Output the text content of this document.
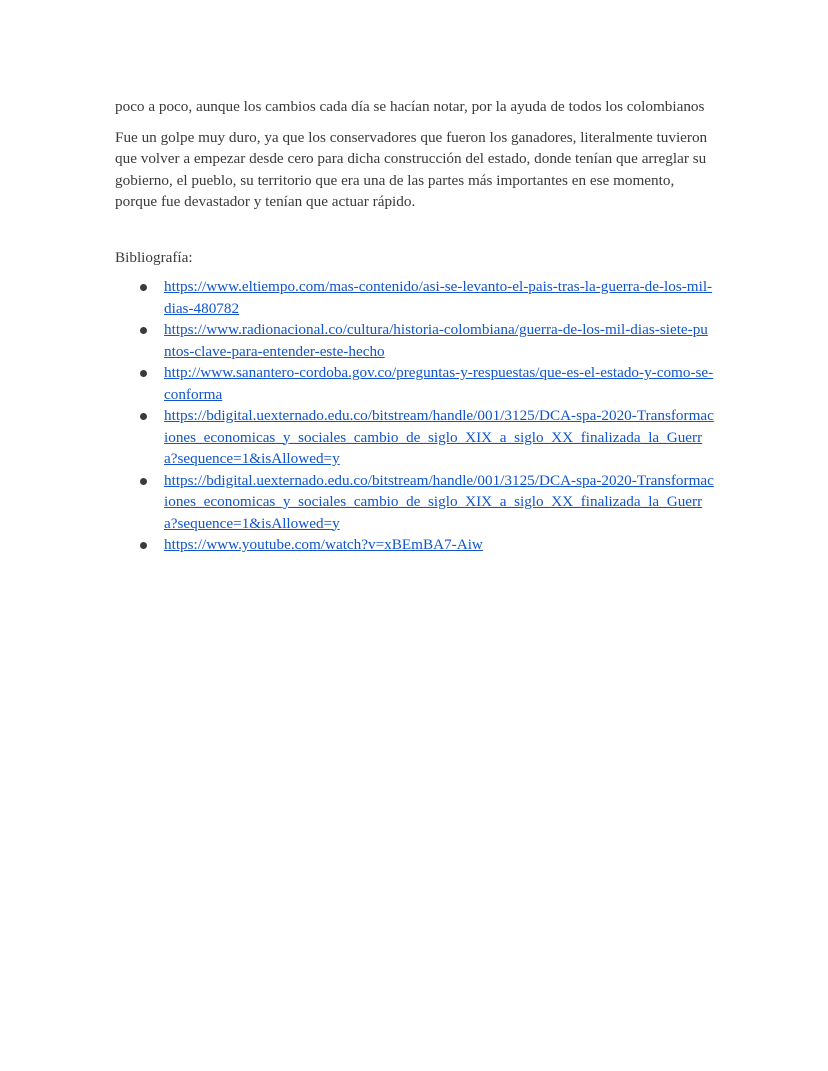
poco a poco, aunque los cambios cada día se hacían notar, por la ayuda de todos los colombianos

Fue un golpe muy duro, ya que los conservadores que fueron los ganadores, literalmente tuvieron que volver a empezar desde cero para dicha construcción del estado, donde tenían que arreglar su gobierno, el pueblo, su territorio que era una de las partes más importantes en ese momento, porque fue devastador y tenían que actuar rápido.

Bibliografía:

https://www.eltiempo.com/mas-contenido/asi-se-levanto-el-pais-tras-la-guerra-de-los-mil-dias-480782
https://www.radionacional.co/cultura/historia-colombiana/guerra-de-los-mil-dias-siete-puntos-clave-para-entender-este-hecho
http://www.sanantero-cordoba.gov.co/preguntas-y-respuestas/que-es-el-estado-y-como-se-conforma
https://bdigital.uexternado.edu.co/bitstream/handle/001/3125/DCA-spa-2020-Transformaciones_economicas_y_sociales_cambio_de_siglo_XIX_a_siglo_XX_finalizada_la_Guerra?sequence=1&isAllowed=y
https://bdigital.uexternado.edu.co/bitstream/handle/001/3125/DCA-spa-2020-Transformaciones_economicas_y_sociales_cambio_de_siglo_XIX_a_siglo_XX_finalizada_la_Guerra?sequence=1&isAllowed=y
https://www.youtube.com/watch?v=xBEmBA7-Aiw
